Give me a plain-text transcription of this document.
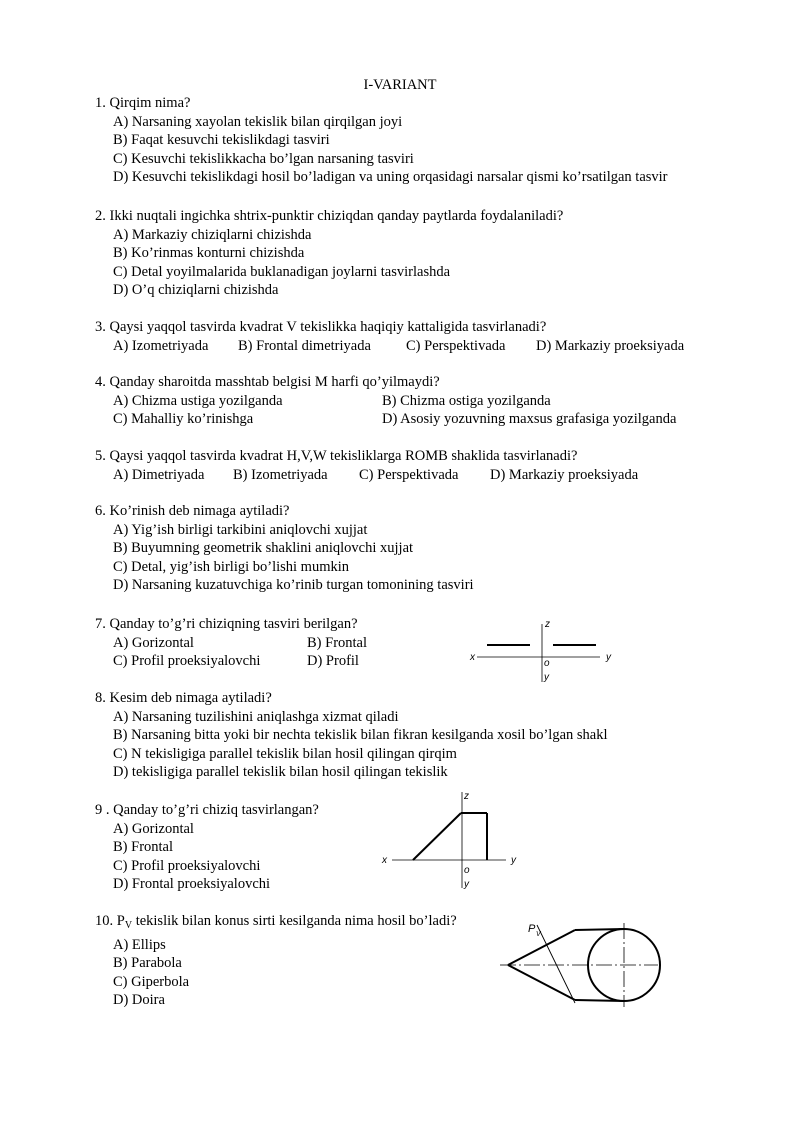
I-VARIANT
1. Qirqim nima?
A) Narsaning xayolan tekislik bilan qirqilgan joyi
B) Faqat kesuvchi tekislikdagi tasviri
C) Kesuvchi tekislikkacha bo’lgan narsaning tasviri
D) Kesuvchi tekislikdagi hosil bo’ladigan va uning orqasidagi narsalar qismi ko’rsatilgan tasvir
2. Ikki nuqtali ingichka shtrix-punktir chiziqdan qanday paytlarda foydalaniladi?
A) Markaziy chiziqlarni chizishda
B) Ko’rinmas konturni chizishda
C) Detal yoyilmalarida buklanadigan joylarni tasvirlashda
D) O’q chiziqlarni chizishda
3. Qaysi yaqqol tasvirda kvadrat V tekislikka haqiqiy kattaligida tasvirlanadi?
A) Izometriyada	B) Frontal dimetriyada	C) Perspektivada	D) Markaziy proeksiyada
4. Qanday sharoitda masshtab belgisi M harfi qo’yilmaydi?
A) Chizma ustiga yozilganda	B) Chizma ostiga yozilganda
C) Mahalliy ko’rinishga	D) Asosiy yozuvning maxsus grafasiga yozilganda
5. Qaysi yaqqol tasvirda kvadrat H,V,W tekisliklarga ROMB shaklida tasvirlanadi?
A) Dimetriyada	B) Izometriyada	C) Perspektivada	D) Markaziy proeksiyada
6. Ko’rinish deb nimaga aytiladi?
A) Yig’ish birligi tarkibini aniqlovchi xujjat
B) Buyumning geometrik shaklini aniqlovchi xujjat
C) Detal, yig’ish birligi bo’lishi mumkin
D) Narsaning kuzatuvchiga ko’rinib turgan tomonining tasviri
7. Qanday to’g’ri chiziqning tasviri berilgan?
A) Gorizontal	B) Frontal
C) Profil proeksiyalovchi	D) Profil
z
x
o
y
y
8. Kesim deb nimaga aytiladi?
A) Narsaning tuzilishini aniqlashga xizmat qiladi
B) Narsaning bitta yoki bir nechta tekislik bilan fikran kesilganda xosil bo’lgan shakl
C) N tekisligiga parallel tekislik bilan hosil qilingan qirqim
D) tekisligiga parallel tekislik bilan hosil qilingan tekislik
9 . Qanday to’g’ri chiziq tasvirlangan?
A) Gorizontal
B) Frontal
C) Profil proeksiyalovchi
D) Frontal proeksiyalovchi
z
x
o
y
y
10. $P_V$ tekislik bilan konus sirti kesilganda nima hosil bo’ladi?
A) Ellips
B) Parabola
C) Giperbola
D) Doira
P V
